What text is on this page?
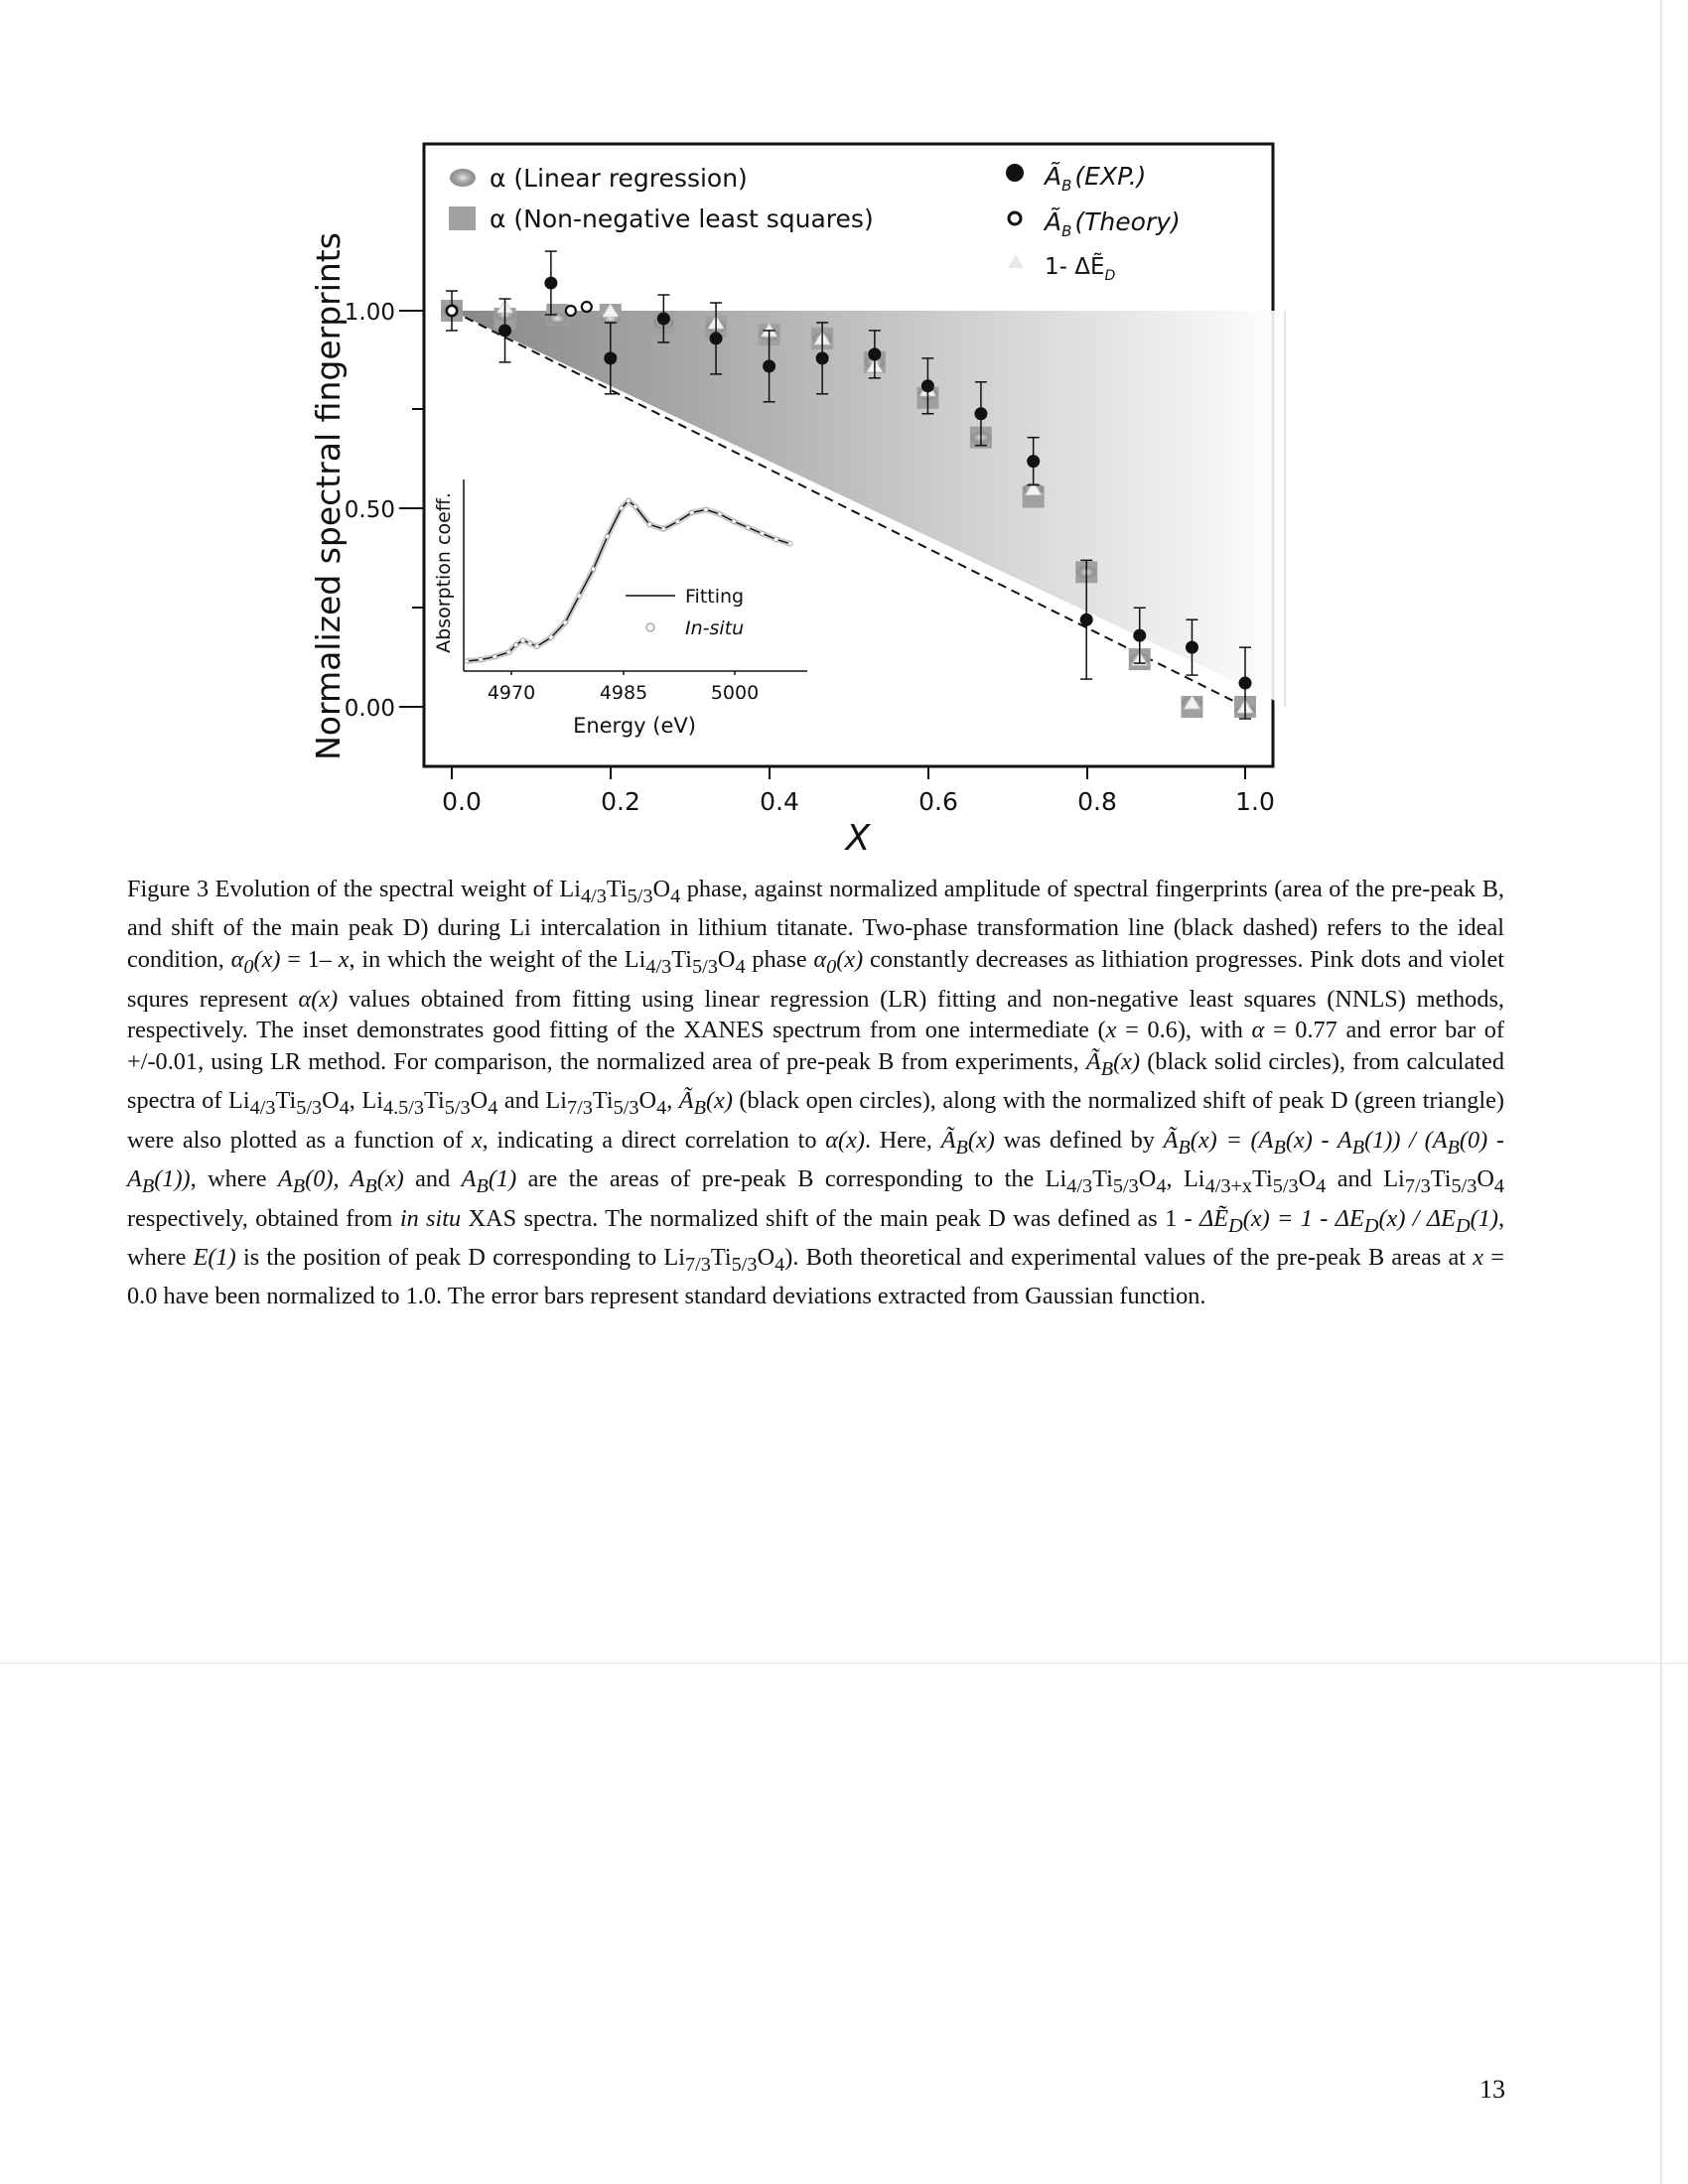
1.00
0.50
0.00
0.0	0.2	0.4	0.6	0.8	1.0
Normalized spectral fingerprints
X
α (Linear regression)
α (Non-negative least squares)
$Ã_B$ (EXP.)
$Ã_B$ (Theory)
1- ΔẼ$_D$
4970	4985	5000
Energy (eV)
Absorption coeff.	Fitting
In-situ

Figure 3 Evolution of the spectral weight of $Li_{4/3}Ti_{5/3}O_4$ phase, against normalized amplitude of spectral fingerprints (area of the pre-peak B, and shift of the main peak D) during Li intercalation in lithium titanate. Two-phase transformation line (black dashed) refers to the ideal condition, $\alpha_0(x) = 1-$ x, in which the weight of the $Li_{4/3}Ti_{5/3}O_4$ phase $\alpha_0(x)$ constantly decreases as lithiation progresses. Pink dots and violet squres represent α(x) values obtained from fitting using linear regression (LR) fitting and non-negative least squares (NNLS) methods, respectively. The inset demonstrates good fitting of the XANES spectrum from one intermediate (x = 0.6), with α = 0.77 and error bar of +/-0.01, using LR method. For comparison, the normalized area of pre-peak B from experiments, $Ã_B(x)$ (black solid circles), from calculated spectra of $Li_{4/3}Ti_{5/3}O_4$, $Li_{4.5/3}Ti_{5/3}O_4$ and $Li_{7/3}Ti_{5/3}O_4$, $Ã_B(x)$ (black open circles), along with the normalized shift of peak D (green triangle) were also plotted as a function of x, indicating a direct correlation to α(x). Here, $Ã_B(x)$ was defined by $Ã_B(x) = (A_B(x) - A_B(1)) / (A_B(0) - A_B(1))$, where $A_B(0)$, $A_B(x)$ and $A_B(1)$ are the areas of pre-peak B corresponding to the $Li_{4/3}Ti_{5/3}O_4$, $Li_{4/3+x}Ti_{5/3}O_4$ and $Li_{7/3}Ti_{5/3}O_4$ respectively, obtained from in situ XAS spectra. The normalized shift of the main peak D was defined as 1 - ΔẼ$_D$(x) = $1 - \Delta E_D(x) / \Delta E_D(1)$, where E(1) is the position of peak D corresponding to $Li_{7/3}Ti_{5/3}O_4$). Both theoretical and experimental values of the pre-peak B areas at x = 0.0 have been normalized to 1.0. The error bars represent standard deviations extracted from Gaussian function.

13
